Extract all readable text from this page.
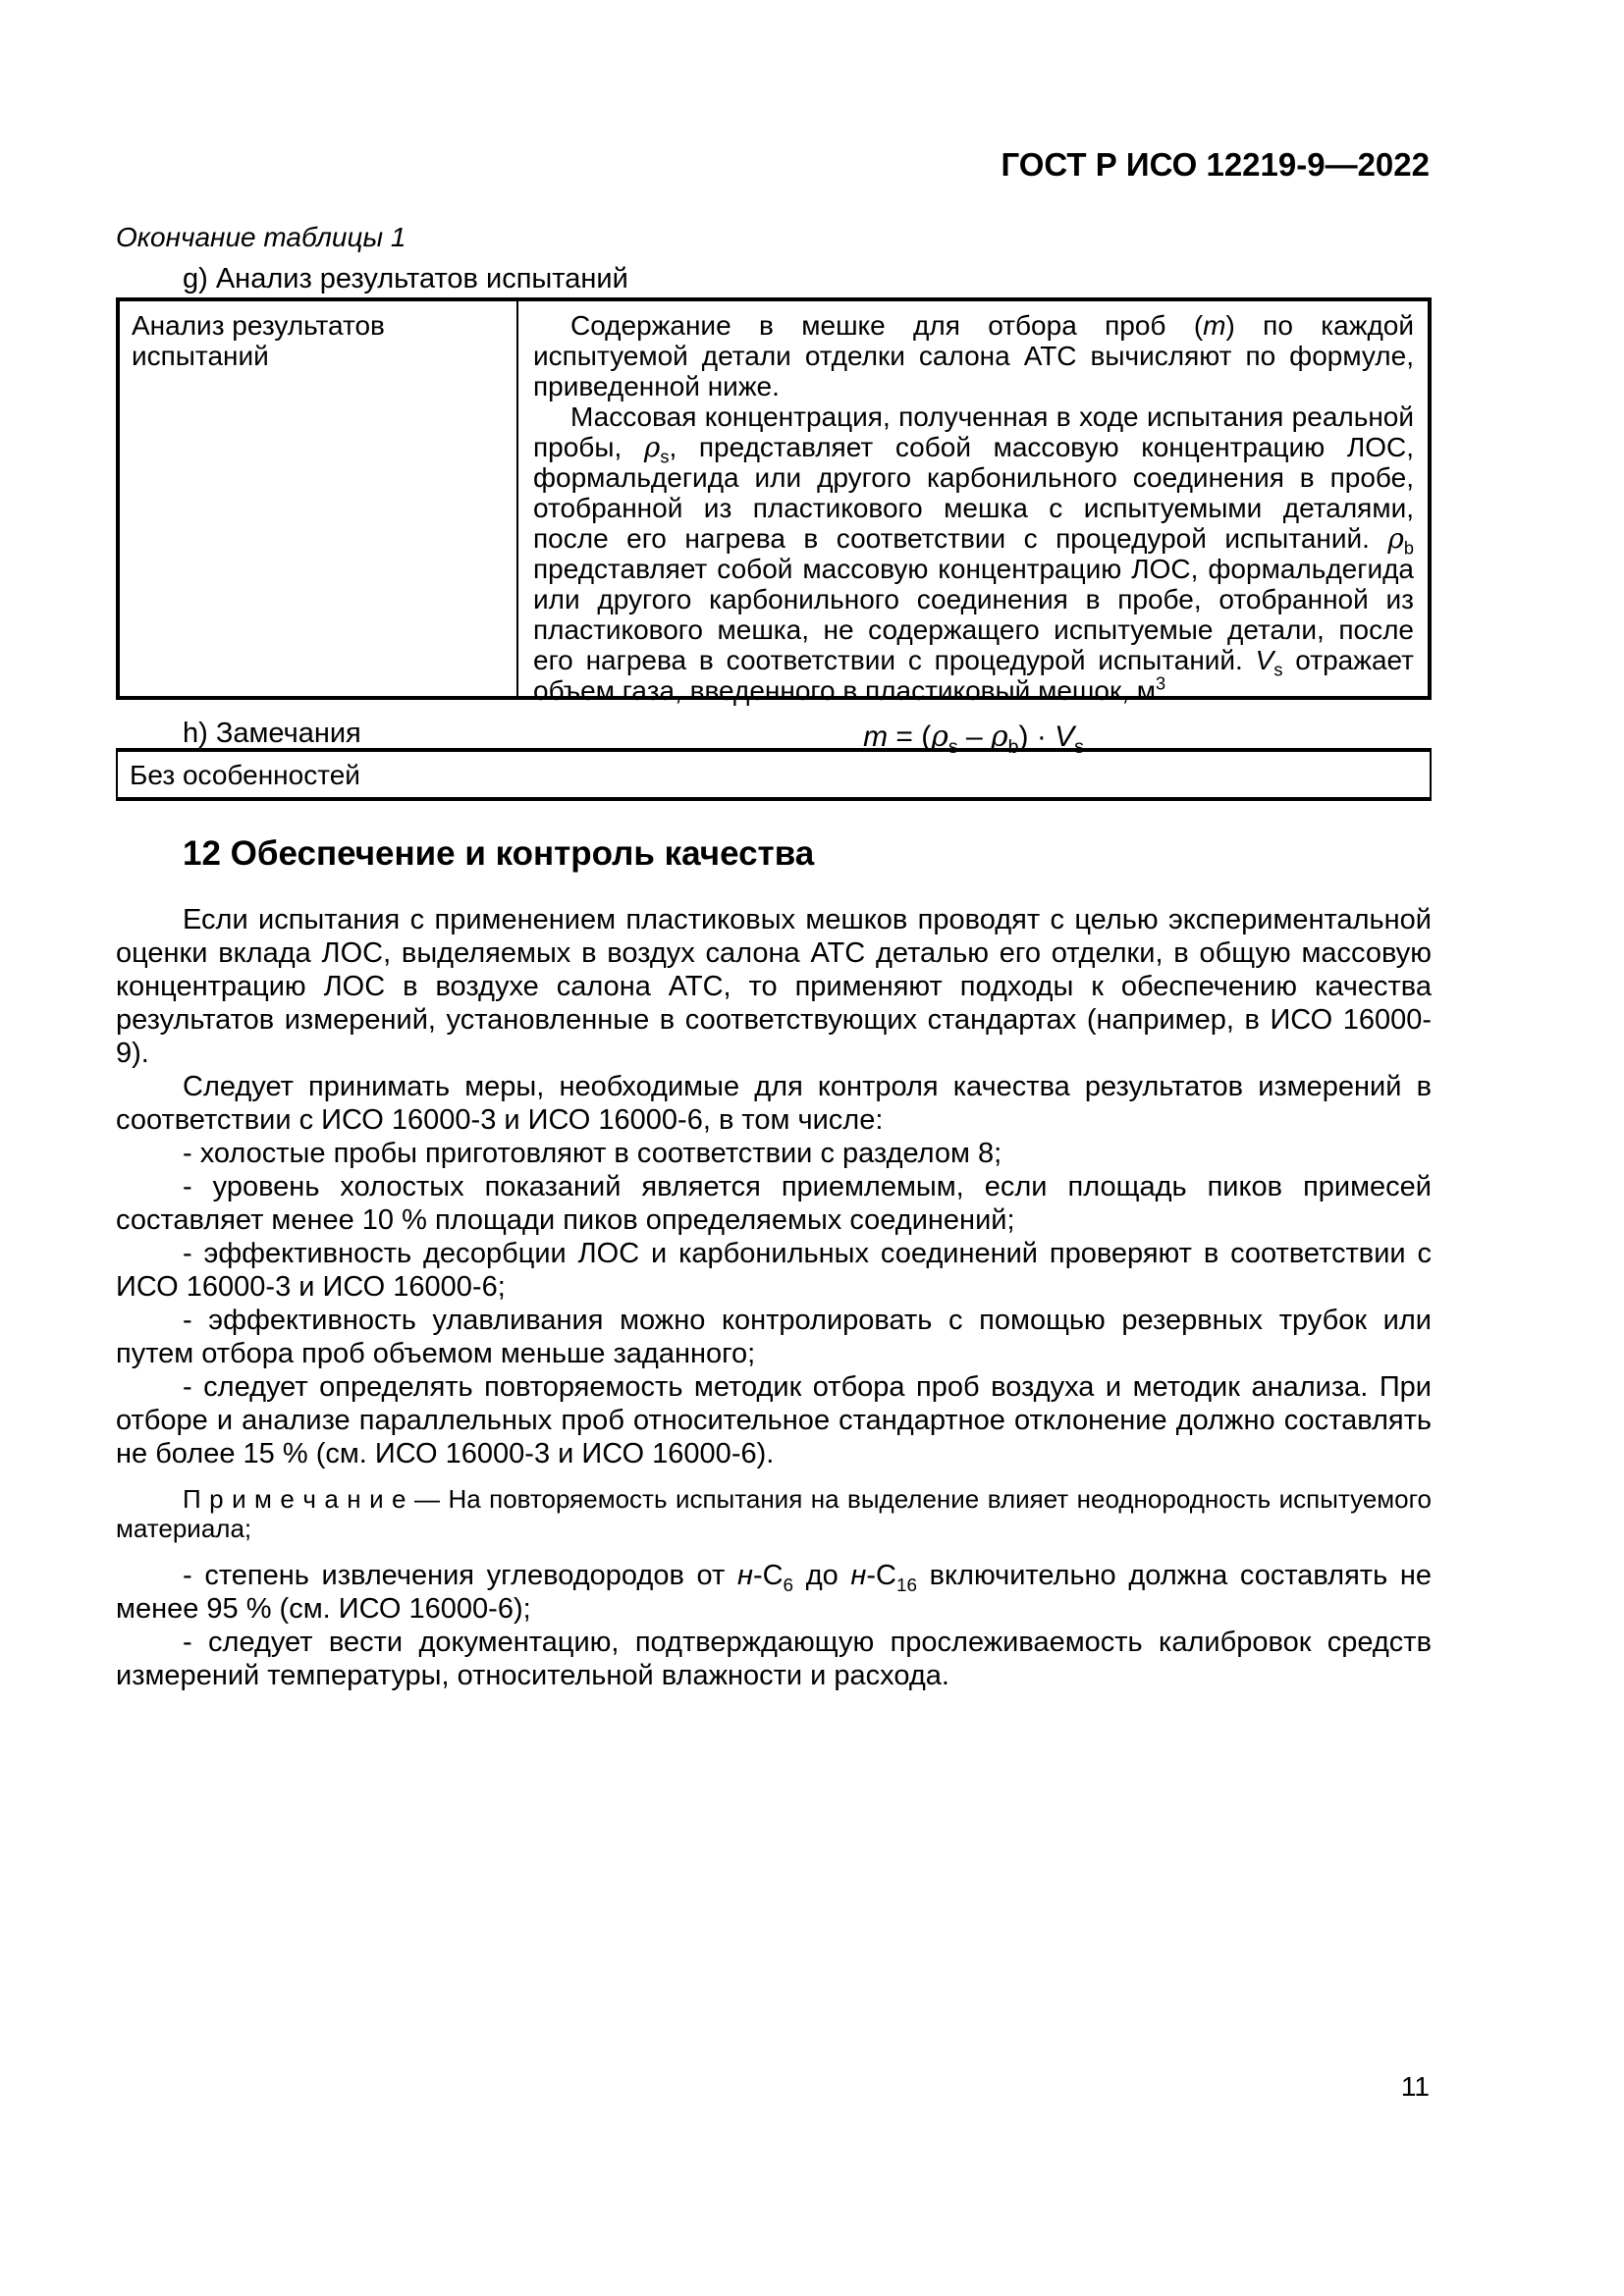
ГОСТ Р ИСО 12219-9—2022
Окончание таблицы 1
g) Анализ результатов испытаний
Анализ результатов испытаний

Содержание в мешке для отбора проб (m) по каждой испытуемой детали отделки салона АТС вычисляют по формуле, приведенной ниже.

Массовая концентрация, полученная в ходе испытания реальной пробы, $\rho_s$, представляет собой массовую концентрацию ЛОС, формальдегида или другого карбонильного соединения в пробе, отобранной из пластикового мешка с испытуемыми деталями, после его нагрева в соответствии с процедурой испытаний. $\rho_b$ представляет собой массовую концентрацию ЛОС, формальдегида или другого карбонильного соединения в пробе, отобранной из пластикового мешка, не содержащего испытуемые детали, после его нагрева в соответствии с процедурой испытаний. $V_s$ отражает объем газа, введенного в пластиковый мешок, $м^3$.

$m = (\rho_s - \rho_b) \cdot V_s$
h) Замечания
Без особенностей
12 Обеспечение и контроль качества

Если испытания с применением пластиковых мешков проводят с целью экспериментальной оценки вклада ЛОС, выделяемых в воздух салона АТС деталью его отделки, в общую массовую концентрацию ЛОС в воздухе салона АТС, то применяют подходы к обеспечению качества результатов измерений, установленные в соответствующих стандартах (например, в ИСО 16000-9).

Следует принимать меры, необходимые для контроля качества результатов измерений в соответствии с ИСО 16000-3 и ИСО 16000-6, в том числе:

- холостые пробы приготовляют в соответствии с разделом 8;

- уровень холостых показаний является приемлемым, если площадь пиков примесей составляет менее 10 % площади пиков определяемых соединений;

- эффективность десорбции ЛОС и карбонильных соединений проверяют в соответствии с ИСО 16000-3 и ИСО 16000-6;

- эффективность улавливания можно контролировать с помощью резервных трубок или путем отбора проб объемом меньше заданного;

- следует определять повторяемость методик отбора проб воздуха и методик анализа. При отборе и анализе параллельных проб относительное стандартное отклонение должно составлять не более 15 % (см. ИСО 16000-3 и ИСО 16000-6).

П р и м е ч а н и е — На повторяемость испытания на выделение влияет неоднородность испытуемого материала;

- степень извлечения углеводородов от $н-С_6$ до $н-С_{16}$ включительно должна составлять не менее 95 % (см. ИСО 16000-6);

- следует вести документацию, подтверждающую прослеживаемость калибровок средств измерений температуры, относительной влажности и расхода.

11
